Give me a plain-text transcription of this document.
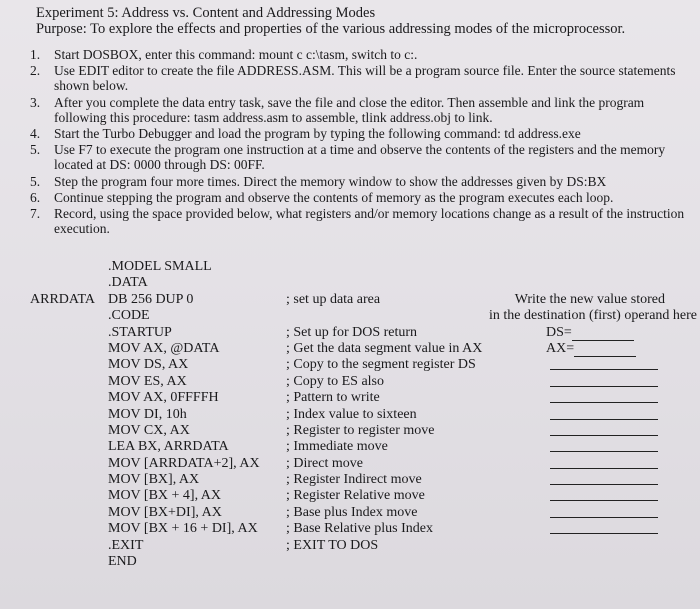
Experiment 5: Address vs. Content and Addressing Modes
Purpose: To explore the effects and properties of the various addressing modes of the microprocessor.
1. Start DOSBOX, enter this command: mount c c:\tasm, switch to c:.
2. Use EDIT editor to create the file ADDRESS.ASM. This will be a program source file. Enter the source statements shown below.
3. After you complete the data entry task, save the file and close the editor. Then assemble and link the program following this procedure: tasm address.asm to assemble, tlink address.obj to link.
4. Start the Turbo Debugger and load the program by typing the following command: td address.exe
5. Use F7 to execute the program one instruction at a time and observe the contents of the registers and the memory located at DS: 0000 through DS: 00FF.
5. Step the program four more times. Direct the memory window to show the addresses given by DS:BX
6. Continue stepping the program and observe the contents of memory as the program executes each loop.
7. Record, using the space provided below, what registers and/or memory locations change as a result of the instruction execution.
.MODEL SMALL
.DATA
ARRDATA DB 256 DUP 0	; set up data area	Write the new value stored
.CODE	in the destination (first) operand here
.STARTUP	; Set up for DOS return	DS=
MOV AX, @DATA	; Get the data segment value in AX	AX=
MOV DS, AX	; Copy to the segment register DS
MOV ES, AX	; Copy to ES also
MOV AX, 0FFFFH	; Pattern to write
MOV DI, 10h	; Index value to sixteen
MOV CX, AX	; Register to register move
LEA BX, ARRDATA	; Immediate move
MOV [ARRDATA+2], AX ; Direct move
MOV [BX], AX	; Register Indirect move
MOV [BX + 4], AX	; Register Relative move
MOV [BX+DI], AX	; Base plus Index move
MOV [BX + 16 + DI], AX ; Base Relative plus Index
.EXIT	; EXIT TO DOS
END
